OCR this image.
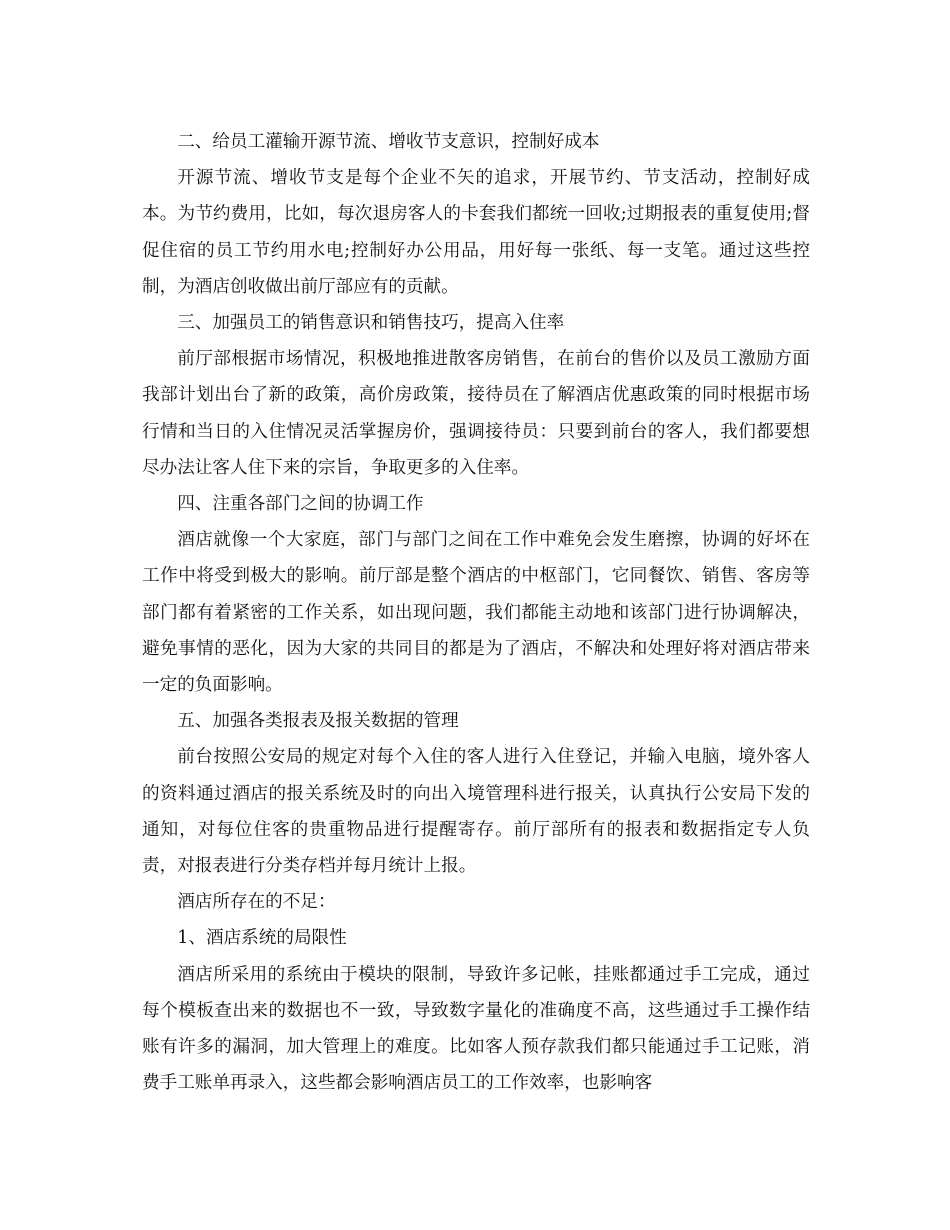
二、给员工灌输开源节流、增收节支意识，控制好成本

开源节流、增收节支是每个企业不矢的追求，开展节约、节支活动，控制好成本。为节约费用，比如，每次退房客人的卡套我们都统一回收;过期报表的重复使用;督促住宿的员工节约用水电;控制好办公用品，用好每一张纸、每一支笔。通过这些控制，为酒店创收做出前厅部应有的贡献。

三、加强员工的销售意识和销售技巧，提高入住率

前厅部根据市场情况，积极地推进散客房销售，在前台的售价以及员工激励方面我部计划出台了新的政策，高价房政策，接待员在了解酒店优惠政策的同时根据市场行情和当日的入住情况灵活掌握房价，强调接待员：只要到前台的客人，我们都要想尽办法让客人住下来的宗旨，争取更多的入住率。

四、注重各部门之间的协调工作

酒店就像一个大家庭，部门与部门之间在工作中难免会发生磨擦，协调的好坏在工作中将受到极大的影响。前厅部是整个酒店的中枢部门，它同餐饮、销售、客房等部门都有着紧密的工作关系，如出现问题，我们都能主动地和该部门进行协调解决，避免事情的恶化，因为大家的共同目的都是为了酒店，不解决和处理好将对酒店带来一定的负面影响。

五、加强各类报表及报关数据的管理

前台按照公安局的规定对每个入住的客人进行入住登记，并输入电脑，境外客人的资料通过酒店的报关系统及时的向出入境管理科进行报关，认真执行公安局下发的通知，对每位住客的贵重物品进行提醒寄存。前厅部所有的报表和数据指定专人负责，对报表进行分类存档并每月统计上报。

酒店所存在的不足：

1、酒店系统的局限性

酒店所采用的系统由于模块的限制，导致许多记帐，挂账都通过手工完成，通过每个模板查出来的数据也不一致，导致数字量化的准确度不高，这些通过手工操作结账有许多的漏洞，加大管理上的难度。比如客人预存款我们都只能通过手工记账，消费手工账单再录入，这些都会影响酒店员工的工作效率，也影响客
